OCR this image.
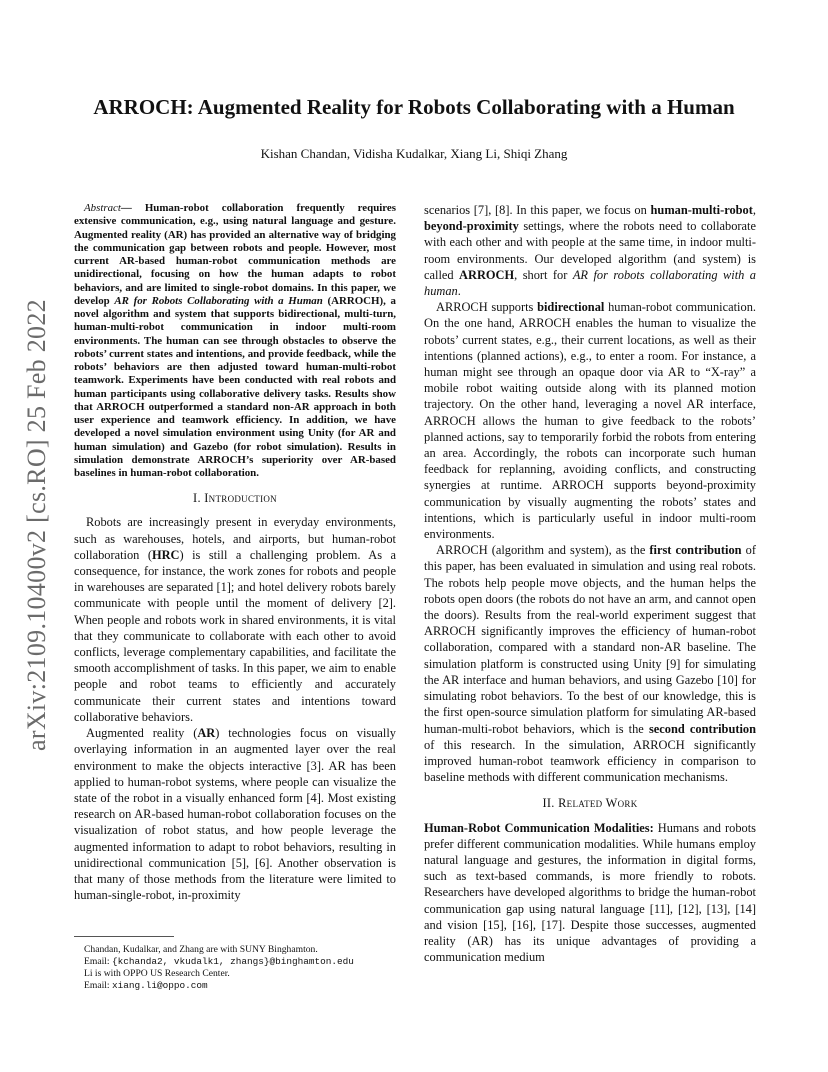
arXiv:2109.10400v2 [cs.RO] 25 Feb 2022
ARROCH: Augmented Reality for Robots Collaborating with a Human
Kishan Chandan, Vidisha Kudalkar, Xiang Li, Shiqi Zhang

Abstract— Human-robot collaboration frequently requires extensive communication, e.g., using natural language and gesture. Augmented reality (AR) has provided an alternative way of bridging the communication gap between robots and people. However, most current AR-based human-robot communication methods are unidirectional, focusing on how the human adapts to robot behaviors, and are limited to single-robot domains. In this paper, we develop AR for Robots Collaborating with a Human (ARROCH), a novel algorithm and system that supports bidirectional, multi-turn, human-multi-robot communication in indoor multi-room environments. The human can see through obstacles to observe the robots’ current states and intentions, and provide feedback, while the robots’ behaviors are then adjusted toward human-multi-robot teamwork. Experiments have been conducted with real robots and human participants using collaborative delivery tasks. Results show that ARROCH outperformed a standard non-AR approach in both user experience and teamwork efficiency. In addition, we have developed a novel simulation environment using Unity (for AR and human simulation) and Gazebo (for robot simulation). Results in simulation demonstrate ARROCH’s superiority over AR-based baselines in human-robot collaboration.

I. Introduction

Robots are increasingly present in everyday environments, such as warehouses, hotels, and airports, but human-robot collaboration (HRC) is still a challenging problem. As a consequence, for instance, the work zones for robots and people in warehouses are separated [1]; and hotel delivery robots barely communicate with people until the moment of delivery [2]. When people and robots work in shared environments, it is vital that they communicate to collaborate with each other to avoid conflicts, leverage complementary capabilities, and facilitate the smooth accomplishment of tasks. In this paper, we aim to enable people and robot teams to efficiently and accurately communicate their current states and intentions toward collaborative behaviors.

Augmented reality (AR) technologies focus on visually overlaying information in an augmented layer over the real environment to make the objects interactive [3]. AR has been applied to human-robot systems, where people can visualize the state of the robot in a visually enhanced form [4]. Most existing research on AR-based human-robot collaboration focuses on the visualization of robot status, and how people leverage the augmented information to adapt to robot behaviors, resulting in unidirectional communication [5], [6]. Another observation is that many of those methods from the literature were limited to human-single-robot, in-proximity

Chandan, Kudalkar, and Zhang are with SUNY Binghamton.
Email: {kchanda2, vkudalk1, zhangs}@binghamton.edu
Li is with OPPO US Research Center.
Email: xiang.li@oppo.com

scenarios [7], [8]. In this paper, we focus on human-multi-robot, beyond-proximity settings, where the robots need to collaborate with each other and with people at the same time, in indoor multi-room environments. Our developed algorithm (and system) is called ARROCH, short for AR for robots collaborating with a human.

ARROCH supports bidirectional human-robot communication. On the one hand, ARROCH enables the human to visualize the robots’ current states, e.g., their current locations, as well as their intentions (planned actions), e.g., to enter a room. For instance, a human might see through an opaque door via AR to “X-ray” a mobile robot waiting outside along with its planned motion trajectory. On the other hand, leveraging a novel AR interface, ARROCH allows the human to give feedback to the robots’ planned actions, say to temporarily forbid the robots from entering an area. Accordingly, the robots can incorporate such human feedback for replanning, avoiding conflicts, and constructing synergies at runtime. ARROCH supports beyond-proximity communication by visually augmenting the robots’ states and intentions, which is particularly useful in indoor multi-room environments.

ARROCH (algorithm and system), as the first contribution of this paper, has been evaluated in simulation and using real robots. The robots help people move objects, and the human helps the robots open doors (the robots do not have an arm, and cannot open the doors). Results from the real-world experiment suggest that ARROCH significantly improves the efficiency of human-robot collaboration, compared with a standard non-AR baseline. The simulation platform is constructed using Unity [9] for simulating the AR interface and human behaviors, and using Gazebo [10] for simulating robot behaviors. To the best of our knowledge, this is the first open-source simulation platform for simulating AR-based human-multi-robot behaviors, which is the second contribution of this research. In the simulation, ARROCH significantly improved human-robot teamwork efficiency in comparison to baseline methods with different communication mechanisms.

II. Related Work

Human-Robot Communication Modalities: Humans and robots prefer different communication modalities. While humans employ natural language and gestures, the information in digital forms, such as text-based commands, is more friendly to robots. Researchers have developed algorithms to bridge the human-robot communication gap using natural language [11], [12], [13], [14] and vision [15], [16], [17]. Despite those successes, augmented reality (AR) has its unique advantages of providing a communication medium
